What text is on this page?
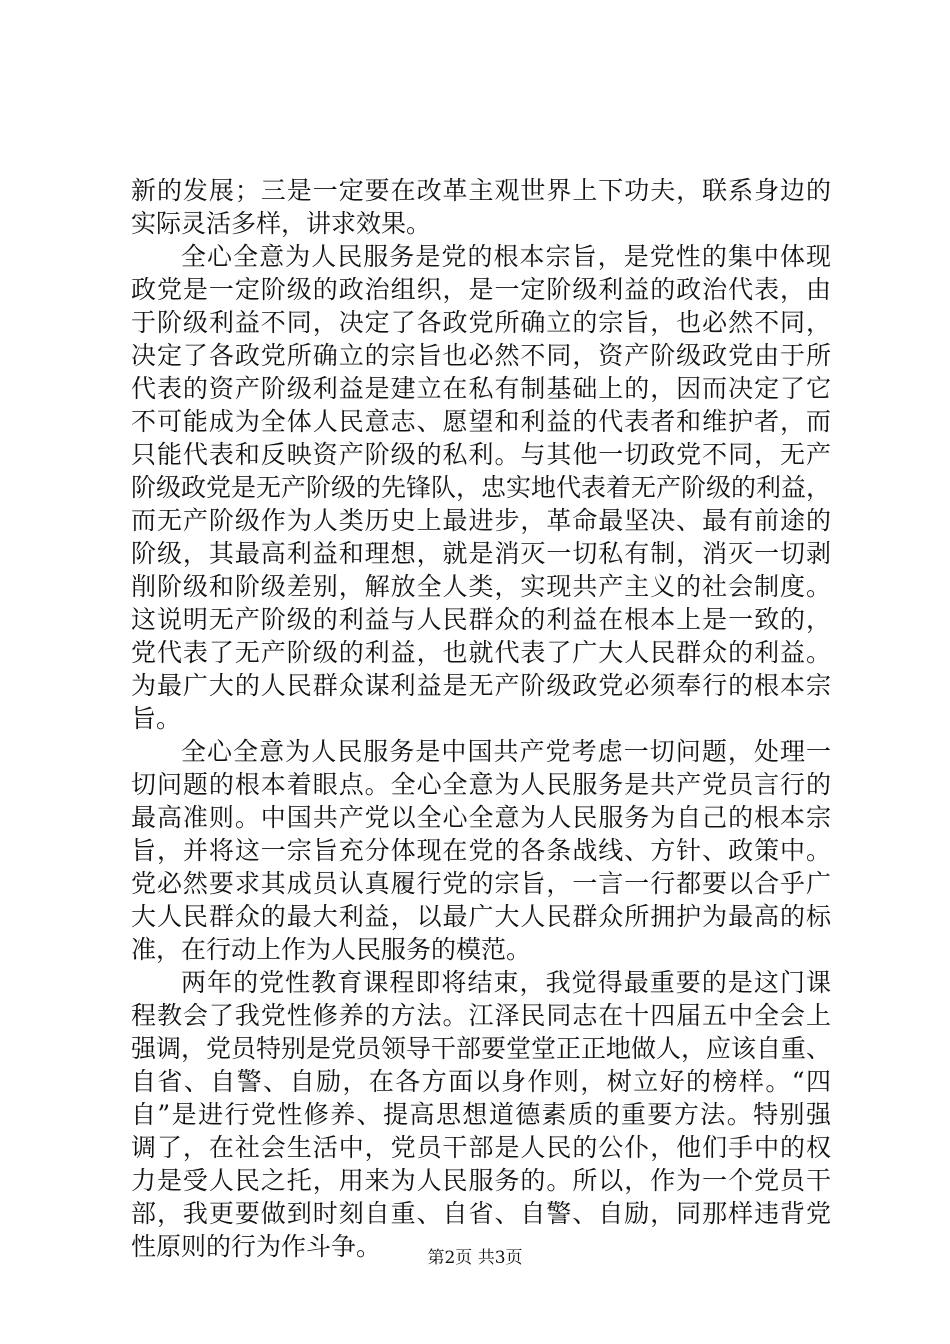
新的发展；三是一定要在改革主观世界上下功夫，联系身边的
实际灵活多样，讲求效果。
全心全意为人民服务是党的根本宗旨，是党性的集中体现
政党是一定阶级的政治组织，是一定阶级利益的政治代表，由
于阶级利益不同，决定了各政党所确立的宗旨，也必然不同，
决定了各政党所确立的宗旨也必然不同，资产阶级政党由于所
代表的资产阶级利益是建立在私有制基础上的，因而决定了它
不可能成为全体人民意志、愿望和利益的代表者和维护者，而
只能代表和反映资产阶级的私利。与其他一切政党不同，无产
阶级政党是无产阶级的先锋队，忠实地代表着无产阶级的利益，
而无产阶级作为人类历史上最进步，革命最坚决、最有前途的
阶级，其最高利益和理想，就是消灭一切私有制，消灭一切剥
削阶级和阶级差别，解放全人类，实现共产主义的社会制度。
这说明无产阶级的利益与人民群众的利益在根本上是一致的，
党代表了无产阶级的利益，也就代表了广大人民群众的利益。
为最广大的人民群众谋利益是无产阶级政党必须奉行的根本宗
旨。
全心全意为人民服务是中国共产党考虑一切问题，处理一
切问题的根本着眼点。全心全意为人民服务是共产党员言行的
最高准则。中国共产党以全心全意为人民服务为自己的根本宗
旨，并将这一宗旨充分体现在党的各条战线、方针、政策中。
党必然要求其成员认真履行党的宗旨，一言一行都要以合乎广
大人民群众的最大利益，以最广大人民群众所拥护为最高的标
准，在行动上作为人民服务的模范。
两年的党性教育课程即将结束，我觉得最重要的是这门课
程教会了我党性修养的方法。江泽民同志在十四届五中全会上
强调，党员特别是党员领导干部要堂堂正正地做人，应该自重、
自省、自警、自励，在各方面以身作则，树立好的榜样。“四
自”是进行党性修养、提高思想道德素质的重要方法。特别强
调了，在社会生活中，党员干部是人民的公仆，他们手中的权
力是受人民之托，用来为人民服务的。所以，作为一个党员干
部，我更要做到时刻自重、自省、自警、自励，同那样违背党
性原则的行为作斗争。	第2页 共3页
